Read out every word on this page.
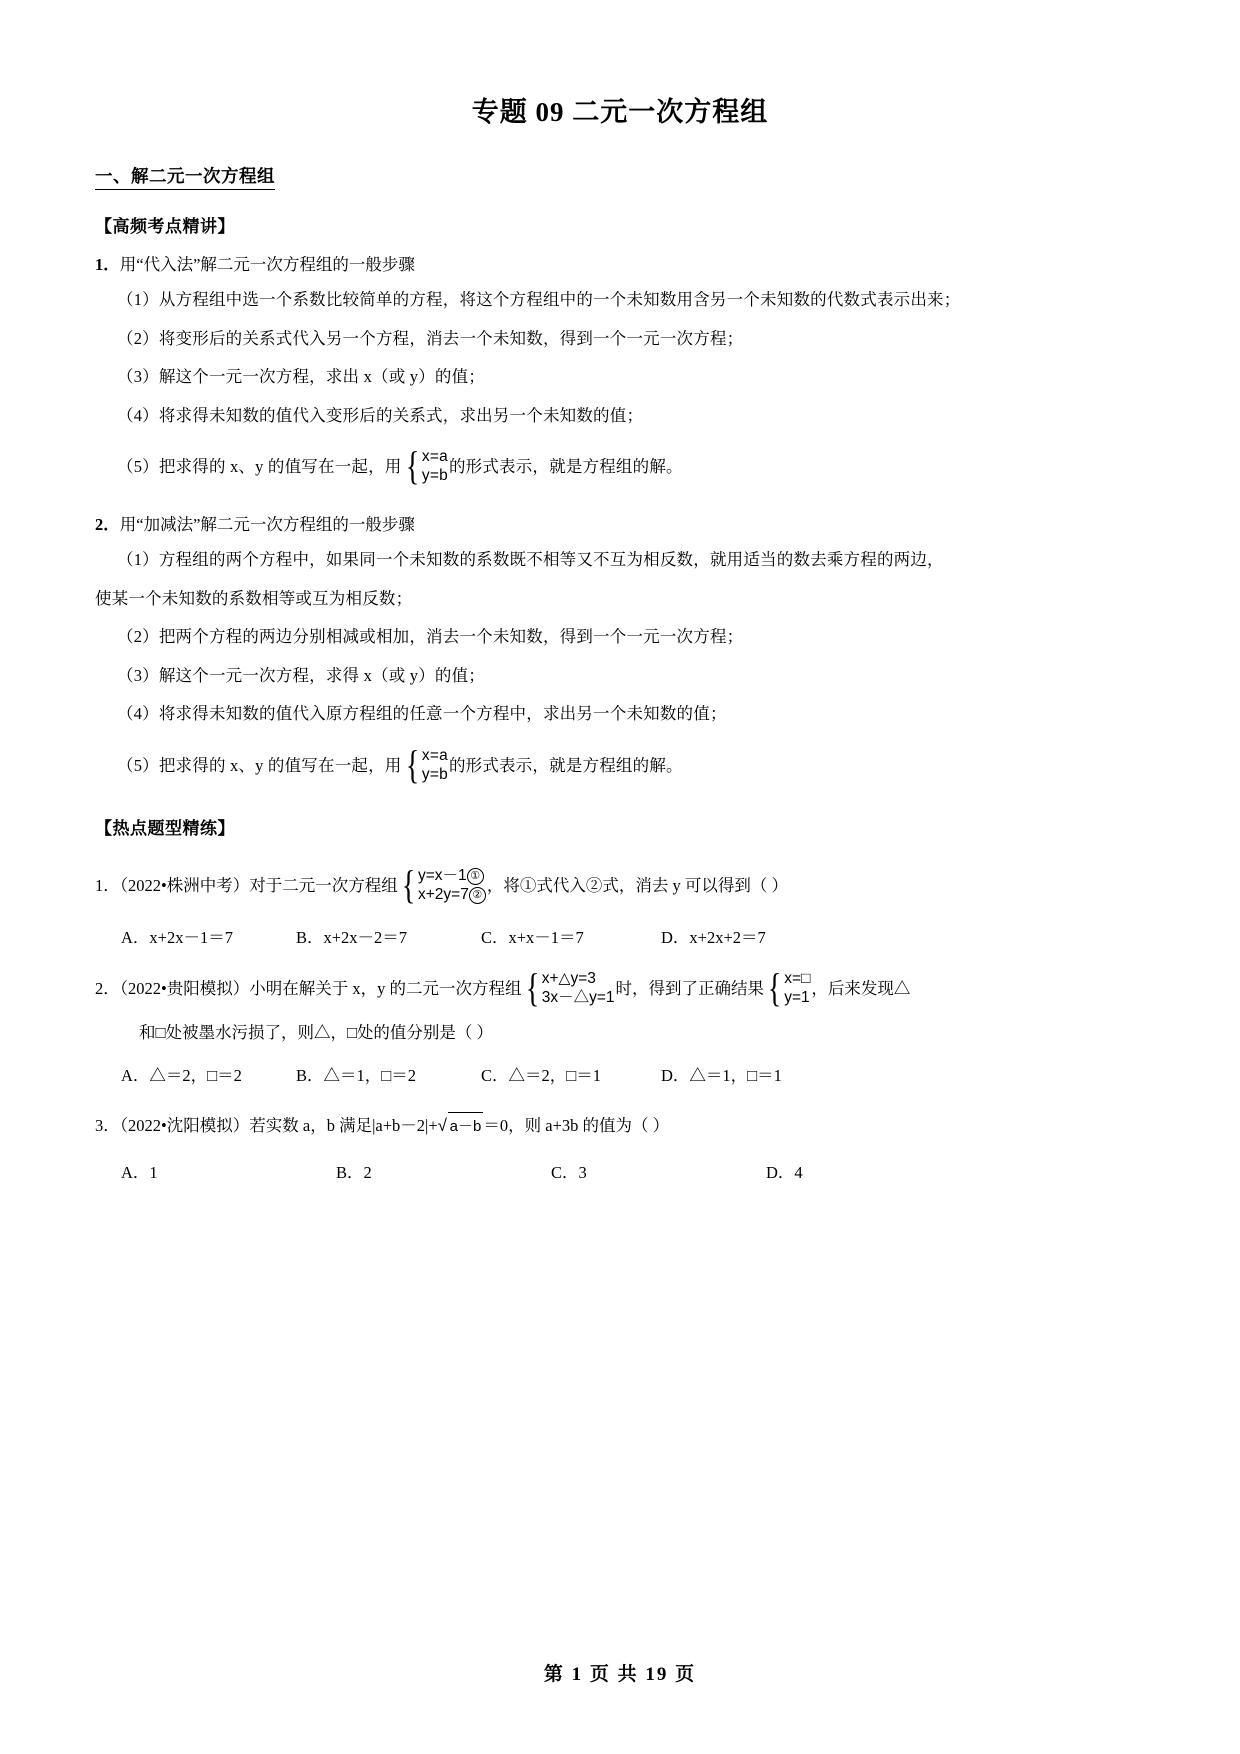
专题 09 二元一次方程组
一、解二元一次方程组
【高频考点精讲】
1．用“代入法”解二元一次方程组的一般步骤
（1）从方程组中选一个系数比较简单的方程，将这个方程组中的一个未知数用含另一个未知数的代数式表示出来；
（2）将变形后的关系式代入另一个方程，消去一个未知数，得到一个一元一次方程；
（3）解这个一元一次方程，求出 x（或 y）的值；
（4）将求得未知数的值代入变形后的关系式，求出另一个未知数的值；
（5）把求得的 x、y 的值写在一起，用 { x=a
y=b 的形式表示，就是方程组的解。
2．用“加减法”解二元一次方程组的一般步骤
（1）方程组的两个方程中，如果同一个未知数的系数既不相等又不互为相反数，就用适当的数去乘方程的两边，
使某一个未知数的系数相等或互为相反数；
（2）把两个方程的两边分别相减或相加，消去一个未知数，得到一个一元一次方程；
（3）解这个一元一次方程，求得 x（或 y）的值；
（4）将求得未知数的值代入原方程组的任意一个方程中，求出另一个未知数的值；
（5）把求得的 x、y 的值写在一起，用 { x=a
y=b 的形式表示，就是方程组的解。
【热点题型精练】
1．（2022•株洲中考）对于二元一次方程组 { y=x－1 ①
x+2y=7 ②
，将①式代入②式，消去 y 可以得到（ ）
A．x+2x－1＝7	B．x+2x－2＝7	C．x+x－1＝7	D．x+2x+2＝7
2．（2022•贵阳模拟）小明在解关于 x，y 的二元一次方程组 { x+△y=3
3x－△y=1 时，得到了正确结果 { x=□
y=1 ，后来发现△
和□处被墨水污损了，则△，□处的值分别是（ ）
A．△＝2，□＝2	B．△＝1，□＝2	C．△＝2，□＝1	D．△＝1，□＝1
3．（2022•沈阳模拟）若实数 a，b 满足|a+b－2|+ √ a－b ＝0，则 a+3b 的值为（ ）
A．1	B．2	C．3	D．4
第 1 页 共 19 页
